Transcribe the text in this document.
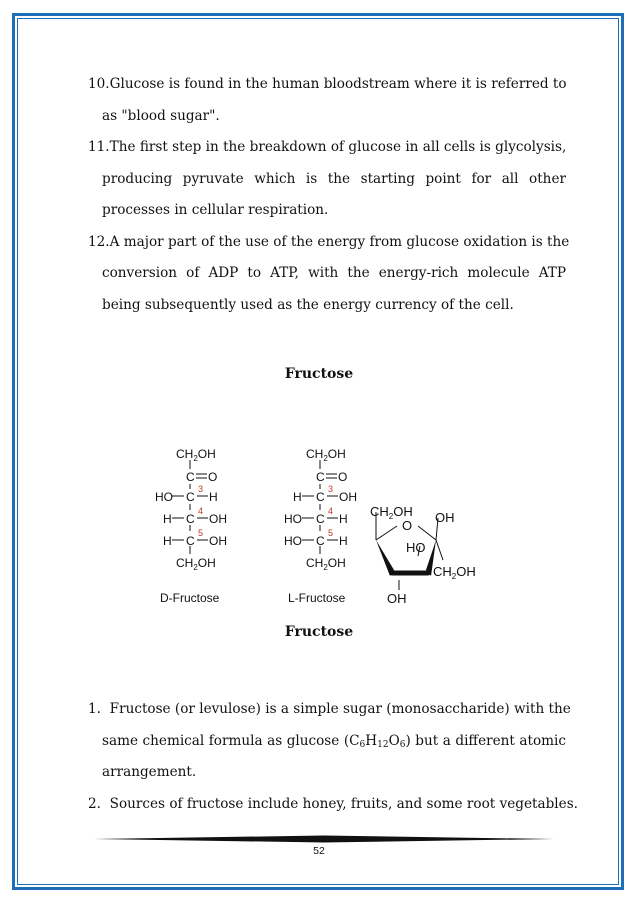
10.Glucose is found in the human bloodstream where it is referred to
as "blood sugar".
11.The first step in the breakdown of glucose in all cells is glycolysis,
producing pyruvate which is the starting point for all other
processes in cellular respiration.
12.A major part of the use of the energy from glucose oxidation is the
conversion of ADP to ATP, with the energy-rich molecule ATP
being subsequently used as the energy currency of the cell.
Fructose
$CH_2OH$
C O
HO C H
H C OH
H C OH
$CH_2OH$
D-Fructose
$CH_2OH$
C O
H C OH
HO C H
HO C H
$CH_2OH$
L-Fructose
$CH_2OH$
O
OH
HO
$CH_2OH$
OH
3
4
5
3
4
5
Fructose
1. Fructose (or levulose) is a simple sugar (monosaccharide) with the
same chemical formula as glucose $(C_6H_{12}O_6)$ but a different atomic
arrangement.
2. Sources of fructose include honey, fruits, and some root vegetables.
52
